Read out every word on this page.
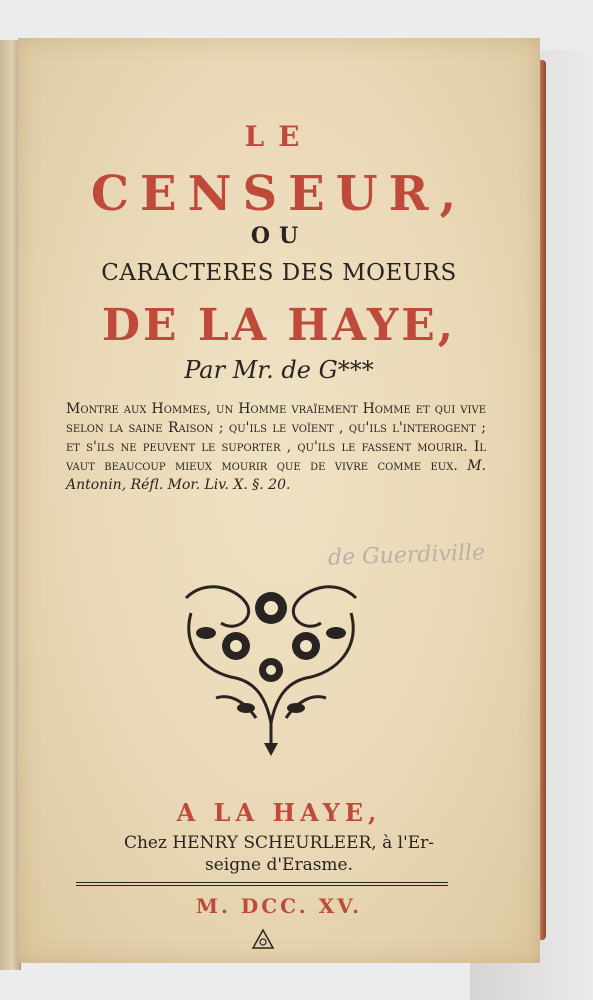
LE
CENSEUR,
OU
CARACTERES DES MOEURS
DE LA HAYE,
Par Mr. de G***
Montre aux Hommes, un Homme vraïement Homme et qui vive selon la saine Raison ; qu'ils le voïent , qu'ils l'interogent ; et s'ils ne peuvent le suporter , qu'ils le fassent mourir. Il vaut beaucoup mieux mourir que de vivre comme eux. M. Antonin, Réfl. Mor. Liv. X. §. 20.
de Guerdiville
A LA HAYE,
Chez HENRY SCHEURLEER, à l'Er-
seigne d'Erasme.
M. DCC. XV.
